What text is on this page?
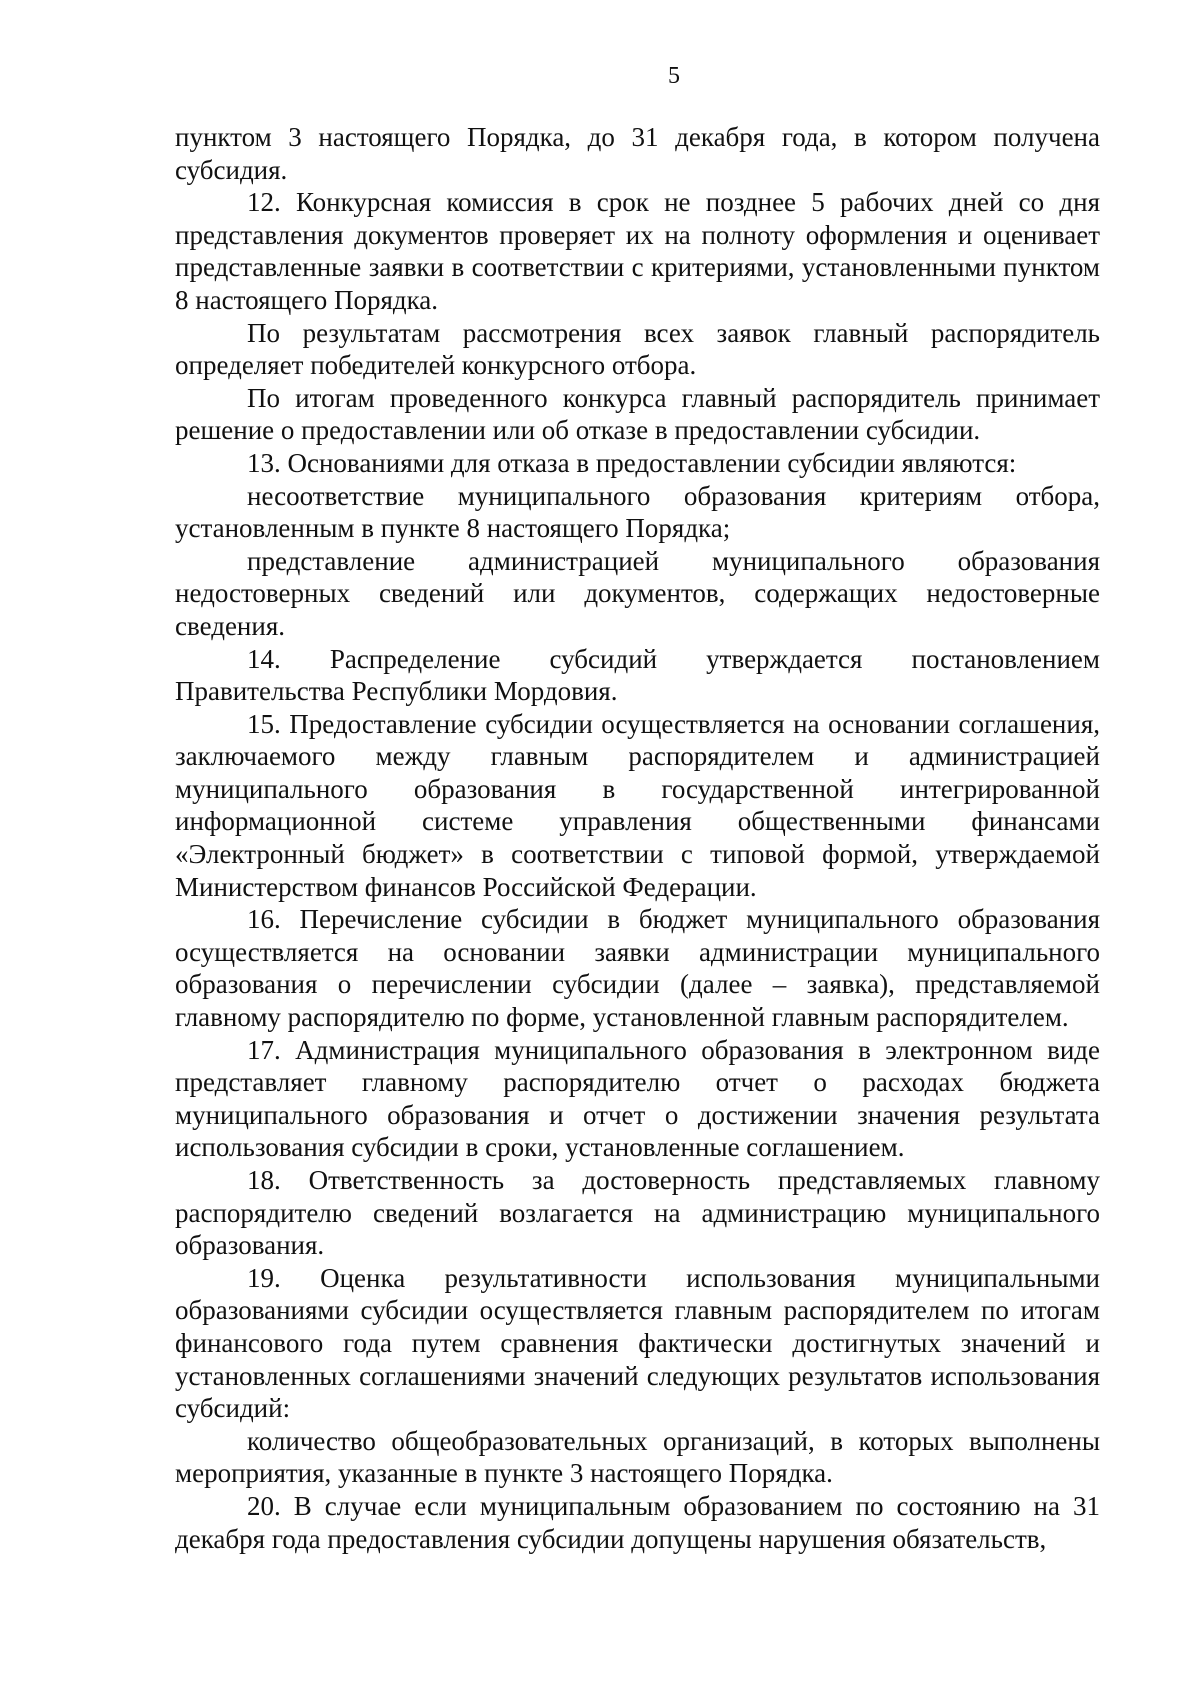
5

пунктом 3 настоящего Порядка, до 31 декабря года, в котором получена субсидия.

12. Конкурсная комиссия в срок не позднее 5 рабочих дней со дня представления документов проверяет их на полноту оформления и оценивает представленные заявки в соответствии с критериями, установленными пунктом 8 настоящего Порядка.

По результатам рассмотрения всех заявок главный распорядитель определяет победителей конкурсного отбора.

По итогам проведенного конкурса главный распорядитель принимает решение о предоставлении или об отказе в предоставлении субсидии.

13. Основаниями для отказа в предоставлении субсидии являются:

несоответствие муниципального образования критериям отбора, установленным в пункте 8 настоящего Порядка;

представление администрацией муниципального образования недостоверных сведений или документов, содержащих недостоверные сведения.

14. Распределение субсидий утверждается постановлением Правительства Республики Мордовия.

15. Предоставление субсидии осуществляется на основании соглашения, заключаемого между главным распорядителем и администрацией муниципального образования в государственной интегрированной информационной системе управления общественными финансами «Электронный бюджет» в соответствии с типовой формой, утверждаемой Министерством финансов Российской Федерации.

16. Перечисление субсидии в бюджет муниципального образования осуществляется на основании заявки администрации муниципального образования о перечислении субсидии (далее – заявка), представляемой главному распорядителю по форме, установленной главным распорядителем.

17. Администрация муниципального образования в электронном виде представляет главному распорядителю отчет о расходах бюджета муниципального образования и отчет о достижении значения результата использования субсидии в сроки, установленные соглашением.

18. Ответственность за достоверность представляемых главному распорядителю сведений возлагается на администрацию муниципального образования.

19. Оценка результативности использования муниципальными образованиями субсидии осуществляется главным распорядителем по итогам финансового года путем сравнения фактически достигнутых значений и установленных соглашениями значений следующих результатов использования субсидий:

количество общеобразовательных организаций, в которых выполнены мероприятия, указанные в пункте 3 настоящего Порядка.

20. В случае если муниципальным образованием по состоянию на 31 декабря года предоставления субсидии допущены нарушения обязательств,
